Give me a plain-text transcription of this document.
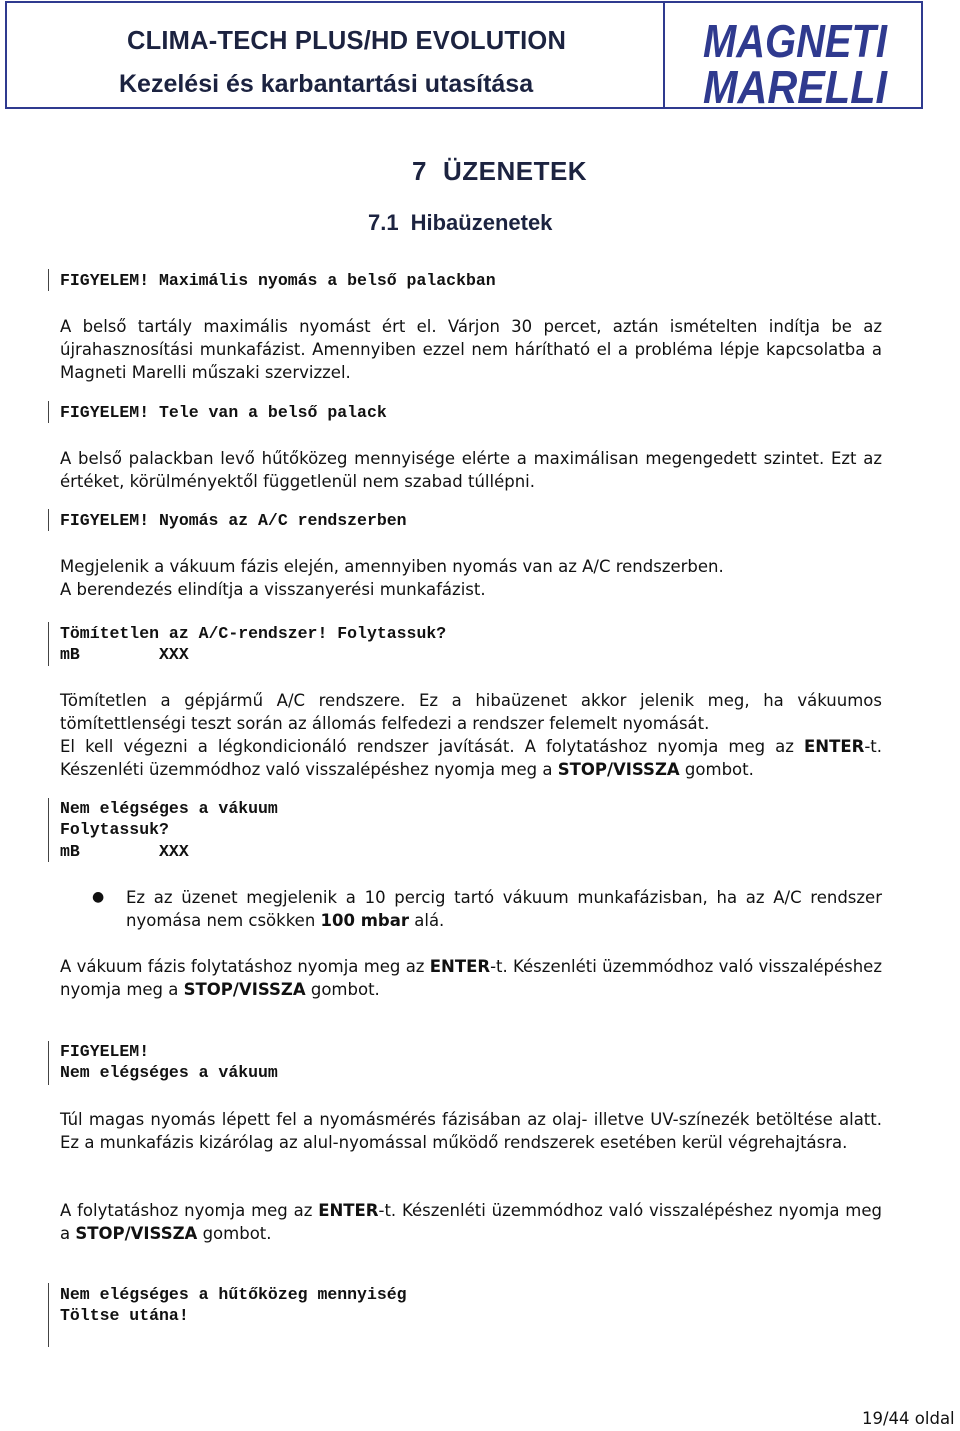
CLIMA-TECH PLUS/HD EVOLUTION
Kezelési és karbantartási utasítása
MAGNETI
MARELLI
7 ÜZENETEK
7.1 Hibaüzenetek
FIGYELEM! Maximális nyomás a belső palackban
A belső tartály maximális nyomást ért el. Várjon 30 percet, aztán ismételten indítja be az újrahasznosítási munkafázist. Amennyiben ezzel nem hárítható el a probléma lépje kapcsolatba a Magneti Marelli műszaki szervizzel.
FIGYELEM! Tele van a belső palack
A belső palackban levő hűtőközeg mennyisége elérte a maximálisan megengedett szintet. Ezt az értéket, körülményektől függetlenül nem szabad túllépni.
FIGYELEM! Nyomás az A/C rendszerben
Megjelenik a vákuum fázis elején, amennyiben nyomás van az A/C rendszerben.
A berendezés elindítja a visszanyerési munkafázist.
Tömítetlen az A/C-rendszer! Folytassuk?
mB        XXX
Tömítetlen a gépjármű A/C rendszere. Ez a hibaüzenet akkor jelenik meg, ha vákuumos tömítettlenségi teszt során az állomás felfedezi a rendszer felemelt nyomását.
El kell végezni a légkondicionáló rendszer javítását. A folytatáshoz nyomja meg az ENTER-t. Készenléti üzemmódhoz való visszalépéshez nyomja meg a STOP/VISSZA gombot.
Nem elégséges a vákuum
Folytassuk?
mB        XXX
● Ez az üzenet megjelenik a 10 percig tartó vákuum munkafázisban, ha az A/C rendszer nyomása nem csökken 100 mbar alá.
A vákuum fázis folytatáshoz nyomja meg az ENTER-t. Készenléti üzemmódhoz való visszalépéshez nyomja meg a STOP/VISSZA gombot.
FIGYELEM!
Nem elégséges a vákuum
Túl magas nyomás lépett fel a nyomásmérés fázisában az olaj- illetve UV-színezék betöltése alatt. Ez a munkafázis kizárólag az alul-nyomással működő rendszerek esetében kerül végrehajtásra.
A folytatáshoz nyomja meg az ENTER-t. Készenléti üzemmódhoz való visszalépéshez nyomja meg a STOP/VISSZA gombot.
Nem elégséges a hűtőközeg mennyiség
Töltse utána!
19/44 oldal
